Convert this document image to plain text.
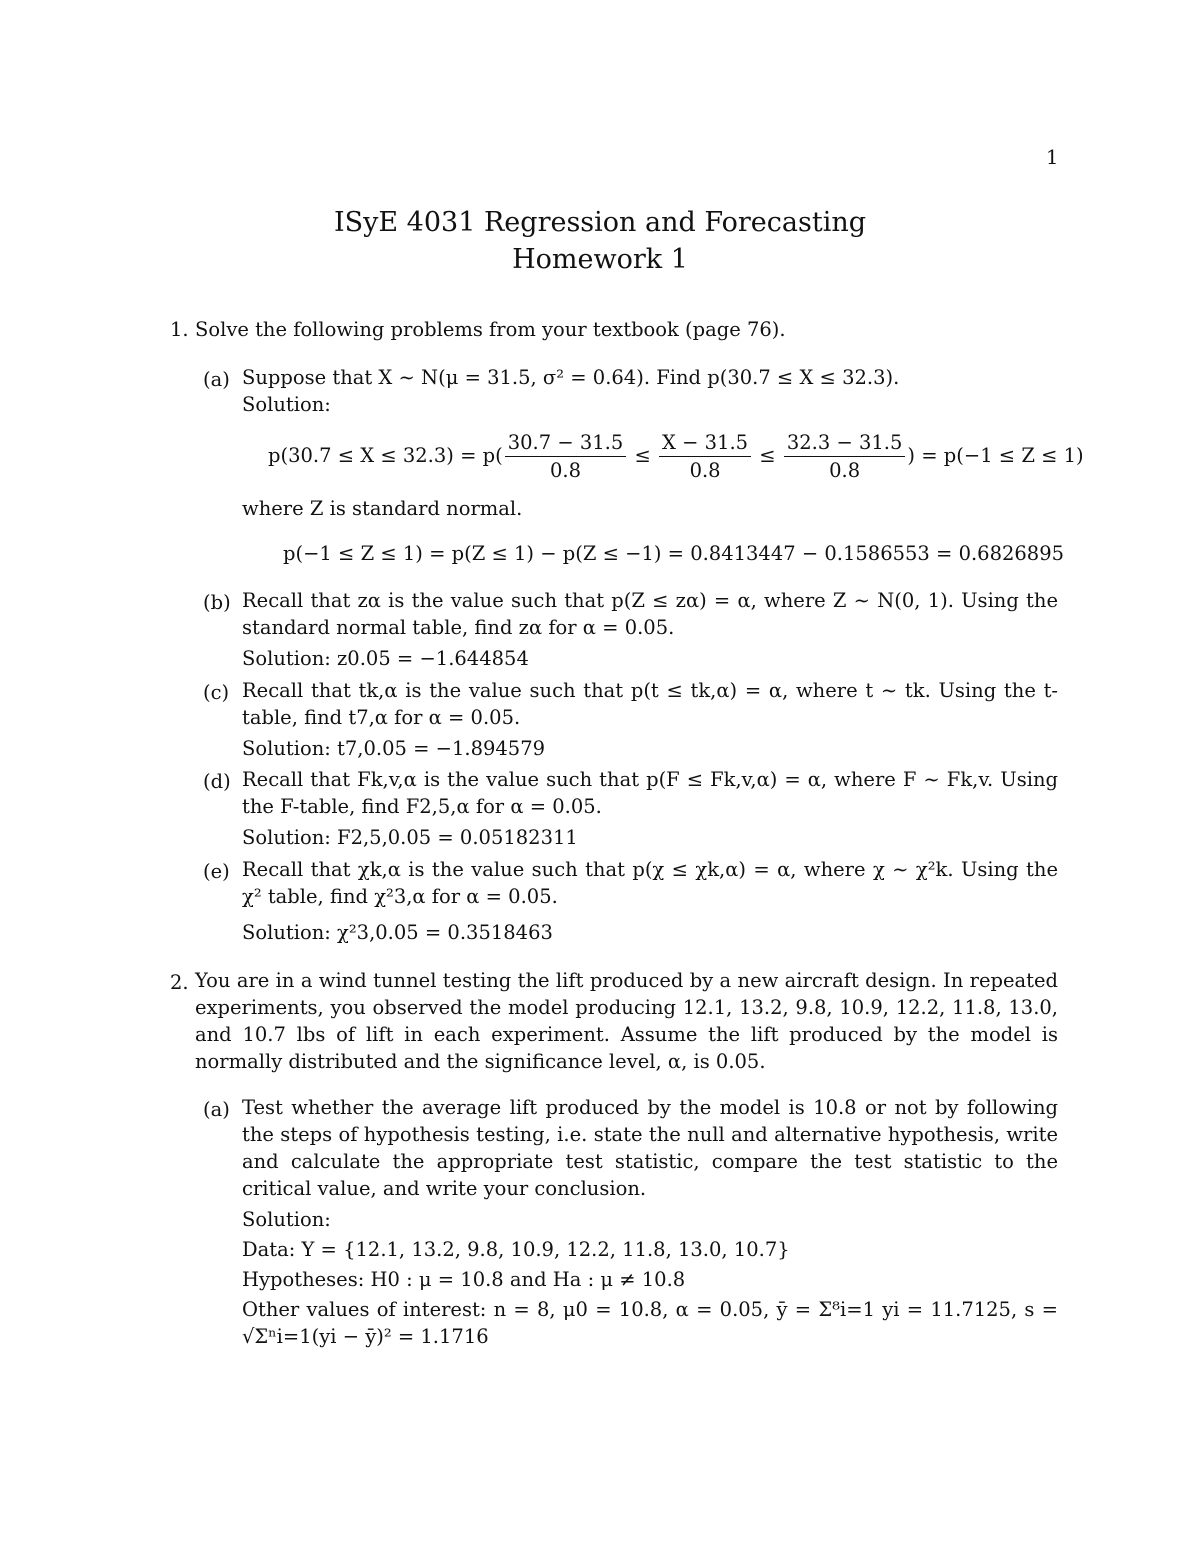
1
ISyE 4031 Regression and Forecasting
Homework 1
1. Solve the following problems from your textbook (page 76).
(a) Suppose that X ∼ N(μ = 31.5, σ² = 0.64). Find p(30.7 ≤ X ≤ 32.3).
Solution:
$p(30.7 \le X \le 32.3) = p( \frac{30.7 - 31.5}{0.8} \le \frac{X - 31.5}{0.8} \le \frac{32.3 - 31.5}{0.8}$ ) = p(−1 ≤ Z ≤ 1)
where Z is standard normal.
p(−1 ≤ Z ≤ 1) = p(Z ≤ 1) − p(Z ≤ −1) = 0.8413447 − 0.1586553 = 0.6826895
(b) Recall that zα is the value such that p(Z ≤ zα) = α, where Z ∼ N(0, 1). Using the standard normal table, find zα for α = 0.05.
Solution: z0.05 = −1.644854
(c) Recall that tk,α is the value such that p(t ≤ tk,α) = α, where t ∼ tk. Using the t-table, find t7,α for α = 0.05.
Solution: t7,0.05 = −1.894579
(d) Recall that Fk,v,α is the value such that p(F ≤ Fk,v,α) = α, where F ∼ Fk,v. Using the F-table, find F2,5,α for α = 0.05.
Solution: F2,5,0.05 = 0.05182311
(e) Recall that χk,α is the value such that p(χ ≤ χk,α) = α, where χ ∼ χ²k. Using the χ² table, find χ²3,α for α = 0.05.
Solution: χ²3,0.05 = 0.3518463
2. You are in a wind tunnel testing the lift produced by a new aircraft design. In repeated experiments, you observed the model producing 12.1, 13.2, 9.8, 10.9, 12.2, 11.8, 13.0, and 10.7 lbs of lift in each experiment. Assume the lift produced by the model is normally distributed and the significance level, α, is 0.05.
(a) Test whether the average lift produced by the model is 10.8 or not by following the steps of hypothesis testing, i.e. state the null and alternative hypothesis, write and calculate the appropriate test statistic, compare the test statistic to the critical value, and write your conclusion.
Solution:
Data: Y = {12.1, 13.2, 9.8, 10.9, 12.2, 11.8, 13.0, 10.7}
Hypotheses: H0 : μ = 10.8 and Ha : μ ≠ 10.8
Other values of interest: n = 8, μ0 = 10.8, α = 0.05, ȳ = Σ⁸i=1 yi = 11.7125, s = √Σⁿi=1(yi − ȳ)² = 1.1716
